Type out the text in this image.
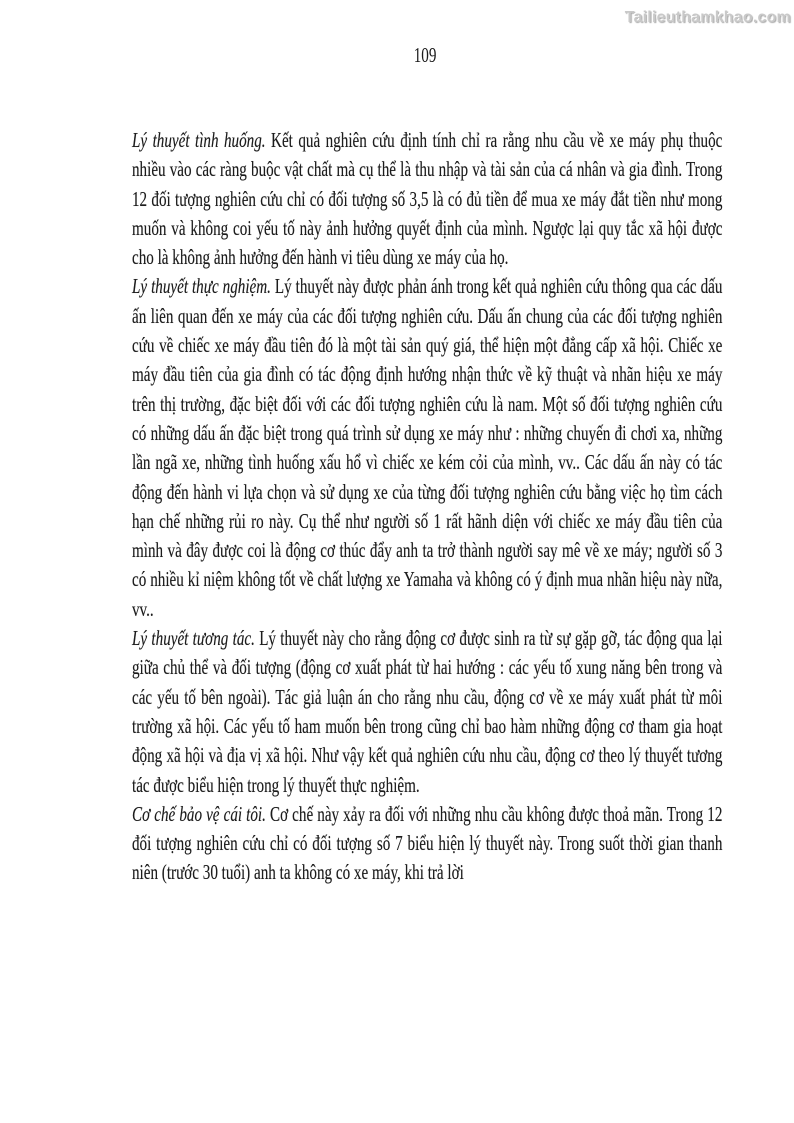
Tailieuthamkhao.com
109

Lý thuyết tình huống. Kết quả nghiên cứu định tính chỉ ra rằng nhu cầu về xe máy phụ thuộc nhiều vào các ràng buộc vật chất mà cụ thể là thu nhập và tài sản của cá nhân và gia đình. Trong 12 đối tượng nghiên cứu chỉ có đối tượng số 3,5 là có đủ tiền để mua xe máy đắt tiền như mong muốn và không coi yếu tố này ảnh hưởng quyết định của mình. Ngược lại quy tắc xã hội được cho là không ảnh hưởng đến hành vi tiêu dùng xe máy của họ.

Lý thuyết thực nghiệm. Lý thuyết này được phản ánh trong kết quả nghiên cứu thông qua các dấu ấn liên quan đến xe máy của các đối tượng nghiên cứu. Dấu ấn chung của các đối tượng nghiên cứu về chiếc xe máy đầu tiên đó là một tài sản quý giá, thể hiện một đẳng cấp xã hội. Chiếc xe máy đầu tiên của gia đình có tác động định hướng nhận thức về kỹ thuật và nhãn hiệu xe máy trên thị trường, đặc biệt đối với các đối tượng nghiên cứu là nam. Một số đối tượng nghiên cứu có những dấu ấn đặc biệt trong quá trình sử dụng xe máy như : những chuyến đi chơi xa, những lần ngã xe, những tình huống xấu hổ vì chiếc xe kém cỏi của mình, vv.. Các dấu ấn này có tác động đến hành vi lựa chọn và sử dụng xe của từng đối tượng nghiên cứu bằng việc họ tìm cách hạn chế những rủi ro này. Cụ thể như người số 1 rất hãnh diện với chiếc xe máy đầu tiên của mình và đây được coi là động cơ thúc đẩy anh ta trở thành người say mê về xe máy; người số 3 có nhiều kỉ niệm không tốt về chất lượng xe Yamaha và không có ý định mua nhãn hiệu này nữa, vv..

Lý thuyết tương tác. Lý thuyết này cho rằng động cơ được sinh ra từ sự gặp gỡ, tác động qua lại giữa chủ thể và đối tượng (động cơ xuất phát từ hai hướng : các yếu tố xung năng bên trong và các yếu tố bên ngoài). Tác giả luận án cho rằng nhu cầu, động cơ về xe máy xuất phát từ môi trường xã hội. Các yếu tố ham muốn bên trong cũng chỉ bao hàm những động cơ tham gia hoạt động xã hội và địa vị xã hội. Như vậy kết quả nghiên cứu nhu cầu, động cơ theo lý thuyết tương tác được biểu hiện trong lý thuyết thực nghiệm.

Cơ chế bảo vệ cái tôi. Cơ chế này xảy ra đối với những nhu cầu không được thoả mãn. Trong 12 đối tượng nghiên cứu chỉ có đối tượng số 7 biểu hiện lý thuyết này. Trong suốt thời gian thanh niên (trước 30 tuổi) anh ta không có xe máy, khi trả lời
